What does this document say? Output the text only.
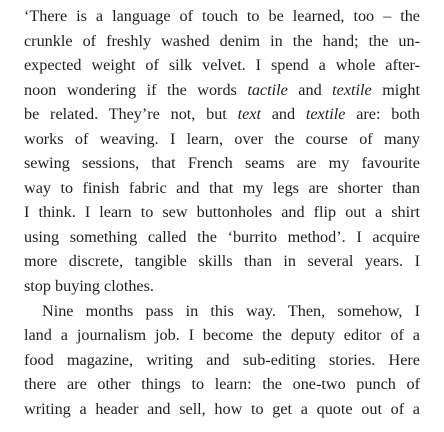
‘There is a language of touch to be learned, too – the
crunkle of freshly washed denim in the hand; the un-
expected weight of silk velvet. I spend a whole after-
noon wondering if the words tactile and textile might
be related. They’re not, but text and textile are: both
works of weaving. I learn, over the course of many
sewing sessions, that French seams are my favourite
way to finish fabric and that my legs are shorter than
I think. I learn to sew buttonholes and flip out a shirt
using something called the ‘burrito method’. I acquire
more discrete, tangible skills than in several years. I
stop buying clothes.
Nine months pass in this way. Then, somehow, I
land a journalism job. I become the deputy editor of a
food magazine, writing and sub-editing stories. Here
there are other things to learn: the one-two punch of
writing a header and sell, how to get a quote out of a
